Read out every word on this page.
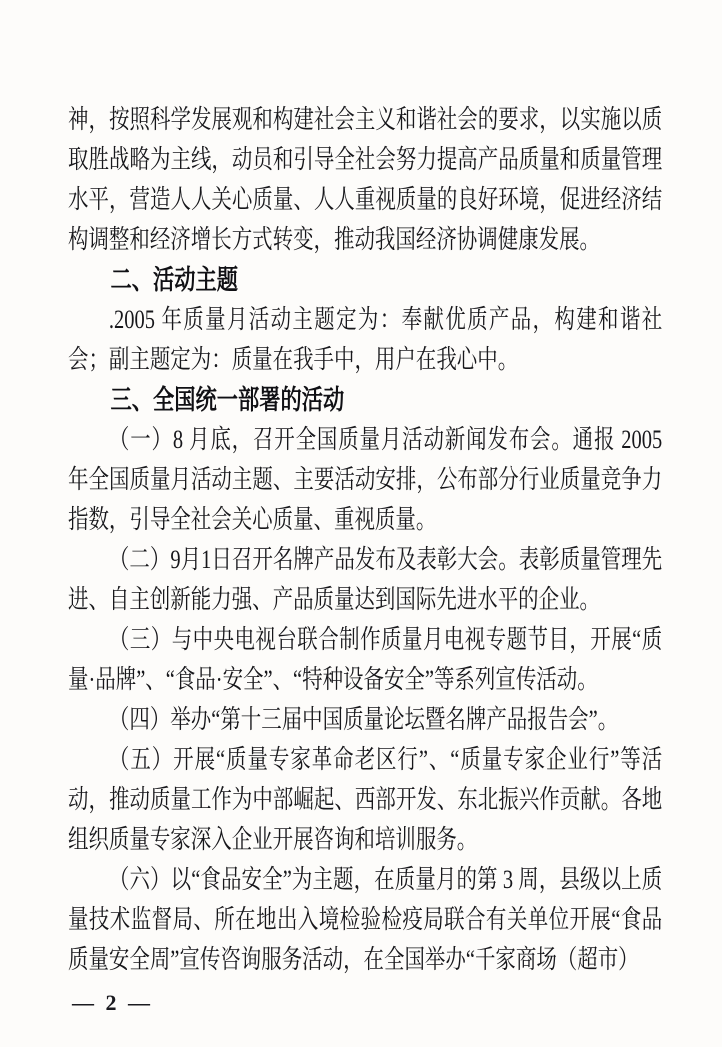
神，按照科学发展观和构建社会主义和谐社会的要求，以实施以质取胜战略为主线，动员和引导全社会努力提高产品质量和质量管理水平，营造人人关心质量、人人重视质量的良好环境，促进经济结构调整和经济增长方式转变，推动我国经济协调健康发展。

二、活动主题

.2005 年质量月活动主题定为：奉献优质产品，构建和谐社会；副主题定为：质量在我手中，用户在我心中。

三、全国统一部署的活动

（一）8 月底，召开全国质量月活动新闻发布会。通报 2005 年全国质量月活动主题、主要活动安排，公布部分行业质量竞争力指数，引导全社会关心质量、重视质量。

（二）9月1日召开名牌产品发布及表彰大会。表彰质量管理先进、自主创新能力强、产品质量达到国际先进水平的企业。

（三）与中央电视台联合制作质量月电视专题节目，开展“质量·品牌”、“食品·安全”、“特种设备安全”等系列宣传活动。

（四）举办“第十三届中国质量论坛暨名牌产品报告会”。

（五）开展“质量专家革命老区行”、“质量专家企业行”等活动，推动质量工作为中部崛起、西部开发、东北振兴作贡献。各地组织质量专家深入企业开展咨询和培训服务。

（六）以“食品安全”为主题，在质量月的第 3 周，县级以上质量技术监督局、所在地出入境检验检疫局联合有关单位开展“食品质量安全周”宣传咨询服务活动，在全国举办“千家商场（超市）

— 2 —
